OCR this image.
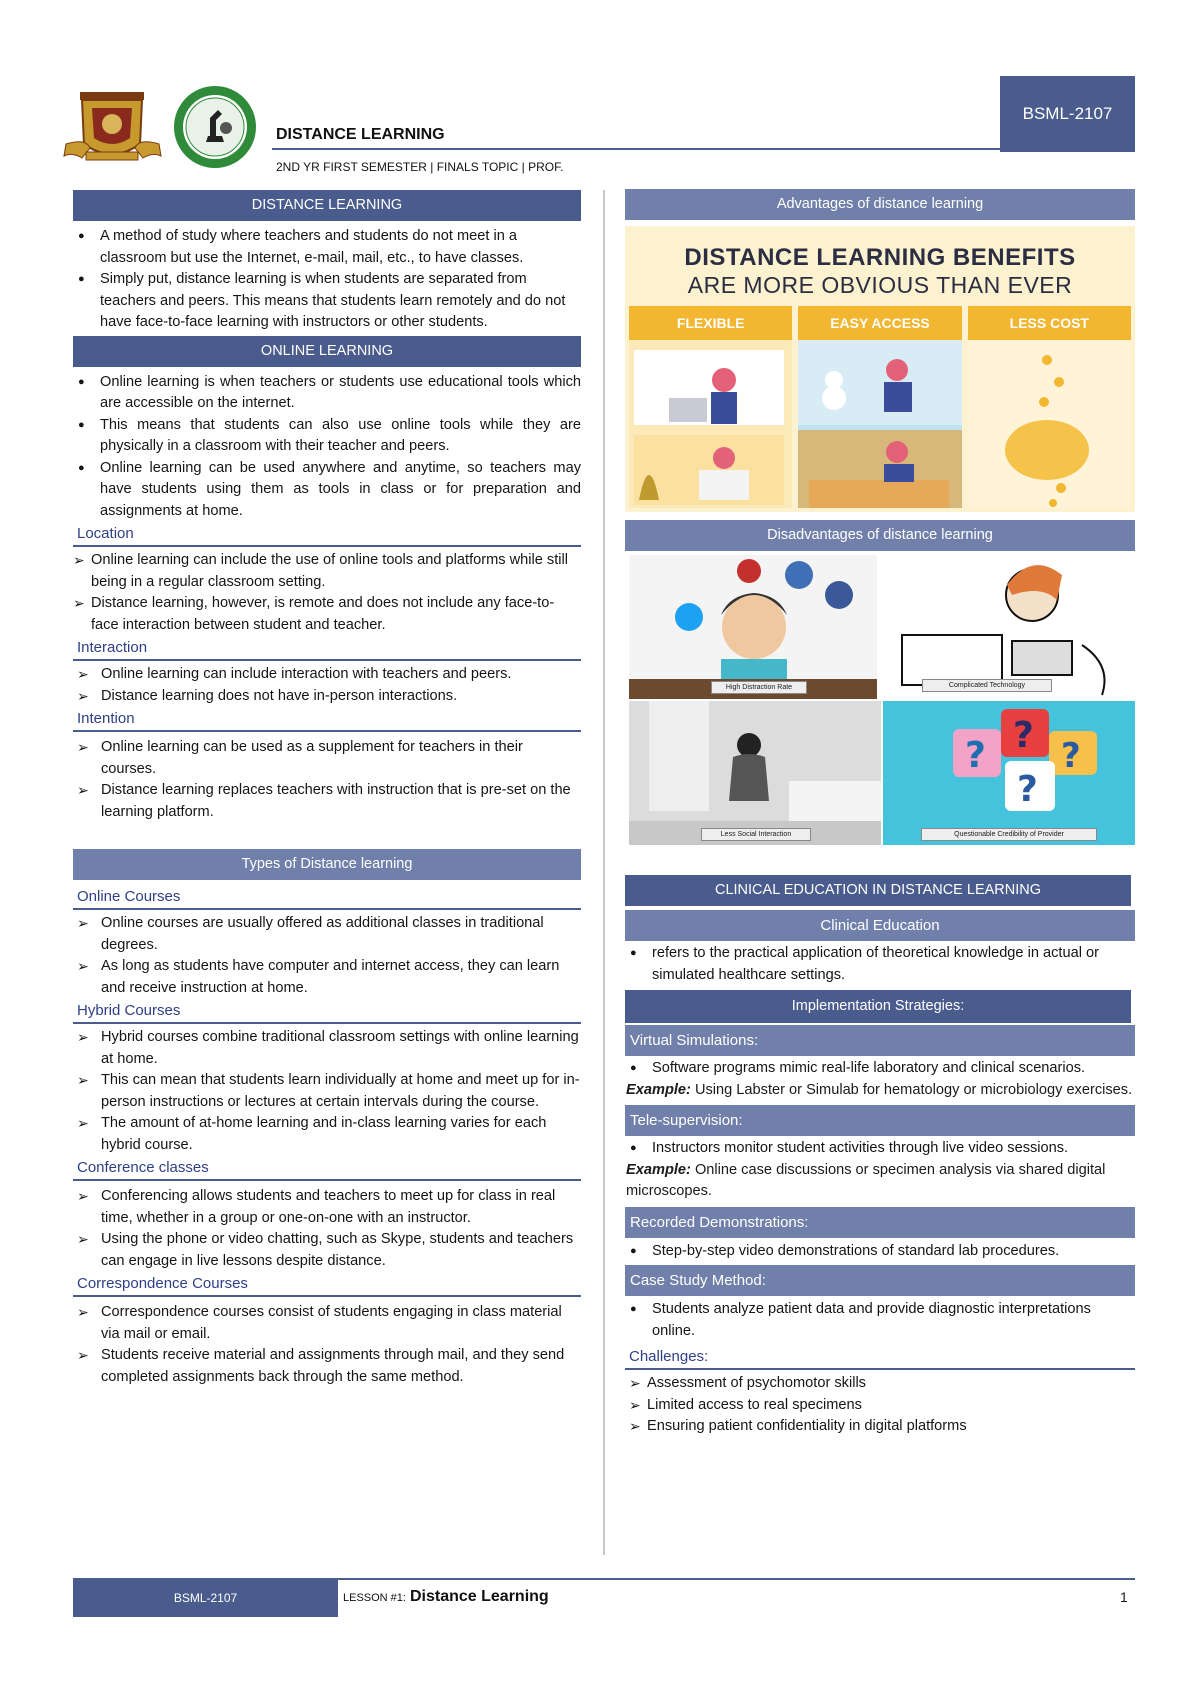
BSML-2107
DISTANCE LEARNING
2ND YR FIRST SEMESTER | FINALS TOPIC | PROF.
DISTANCE LEARNING
● A method of study where teachers and students do not meet in a classroom but use the Internet, e-mail, mail, etc., to have classes.
● Simply put, distance learning is when students are separated from teachers and peers. This means that students learn remotely and do not have face-to-face learning with instructors or other students.
ONLINE LEARNING
● Online learning is when teachers or students use educational tools which are accessible on the internet.
● This means that students can also use online tools while they are physically in a classroom with their teacher and peers.
● Online learning can be used anywhere and anytime, so teachers may have students using them as tools in class or for preparation and assignments at home.
Location
➢ Online learning can include the use of online tools and platforms while still being in a regular classroom setting.
➢ Distance learning, however, is remote and does not include any face-to-face interaction between student and teacher.
Interaction
➢ Online learning can include interaction with teachers and peers.
➢ Distance learning does not have in-person interactions.
Intention
➢ Online learning can be used as a supplement for teachers in their courses.
➢ Distance learning replaces teachers with instruction that is pre-set on the learning platform.
Types of Distance learning
Online Courses
➢ Online courses are usually offered as additional classes in traditional degrees.
➢ As long as students have computer and internet access, they can learn and receive instruction at home.
Hybrid Courses
➢ Hybrid courses combine traditional classroom settings with online learning at home.
➢ This can mean that students learn individually at home and meet up for in-person instructions or lectures at certain intervals during the course.
➢ The amount of at-home learning and in-class learning varies for each hybrid course.
Conference classes
➢ Conferencing allows students and teachers to meet up for class in real time, whether in a group or one-on-one with an instructor.
➢ Using the phone or video chatting, such as Skype, students and teachers can engage in live lessons despite distance.
Correspondence Courses
➢ Correspondence courses consist of students engaging in class material via mail or email.
➢ Students receive material and assignments through mail, and they send completed assignments back through the same method.
Advantages of distance learning
DISTANCE LEARNING BENEFITS
ARE MORE OBVIOUS THAN EVER
FLEXIBLE	EASY ACCESS	LESS COST
Disadvantages of distance learning
High Distraction Rate	Complicated Technology
Less Social Interaction
? ? ?
?
Questionable Credibility of Provider
CLINICAL EDUCATION IN DISTANCE LEARNING
Clinical Education
● refers to the practical application of theoretical knowledge in actual or simulated healthcare settings.
Implementation Strategies:
Virtual Simulations:
● Software programs mimic real-life laboratory and clinical scenarios.
Example: Using Labster or Simulab for hematology or microbiology exercises.
Tele-supervision:
● Instructors monitor student activities through live video sessions.
Example: Online case discussions or specimen analysis via shared digital microscopes.
Recorded Demonstrations:
● Step-by-step video demonstrations of standard lab procedures.
Case Study Method:
● Students analyze patient data and provide diagnostic interpretations online.
Challenges:
➢ Assessment of psychomotor skills
➢ Limited access to real specimens
➢ Ensuring patient confidentiality in digital platforms
BSML-2107	LESSON #1: Distance Learning	1
